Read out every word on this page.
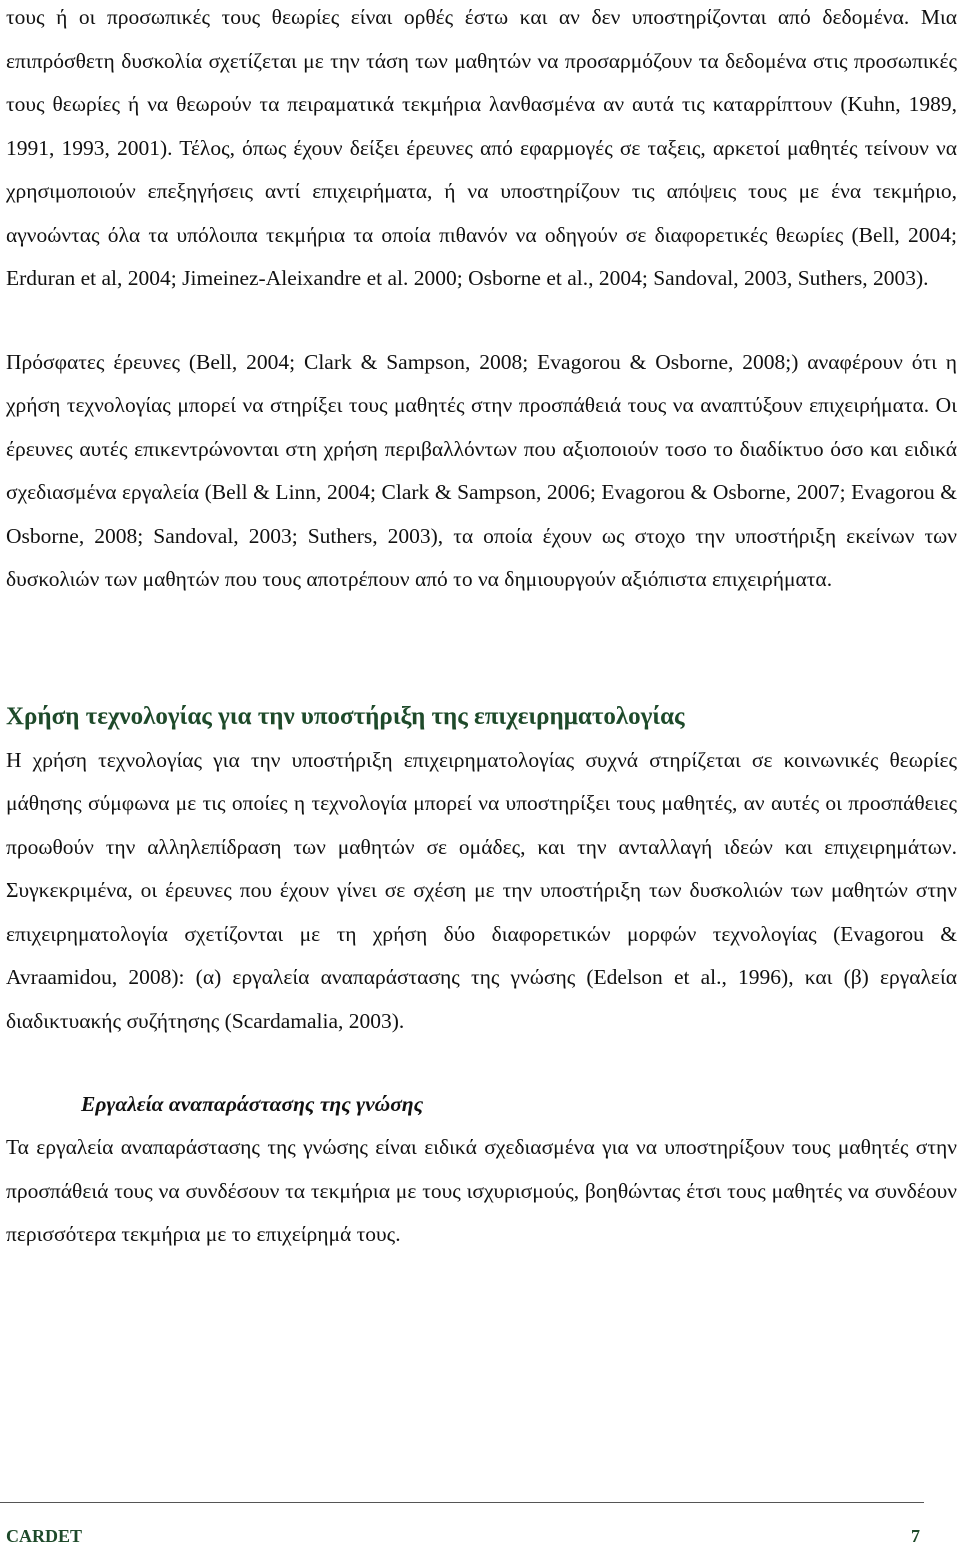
τους ή οι προσωπικές τους θεωρίες είναι ορθές έστω και αν δεν υποστηρίζονται από δεδομένα. Μια επιπρόσθετη δυσκολία σχετίζεται με την τάση των μαθητών να προσαρμόζουν τα δεδομένα στις προσωπικές τους θεωρίες ή να θεωρούν τα πειραματικά τεκμήρια λανθασμένα αν αυτά τις καταρρίπτουν (Kuhn, 1989, 1991, 1993, 2001). Τέλος, όπως έχουν δείξει έρευνες από εφαρμογές σε ταξεις, αρκετοί μαθητές τείνουν να χρησιμοποιούν επεξηγήσεις αντί επιχειρήματα, ή να υποστηρίζουν τις απόψεις τους με ένα τεκμήριο, αγνοώντας όλα τα υπόλοιπα τεκμήρια τα οποία πιθανόν να οδηγούν σε διαφορετικές θεωρίες (Bell, 2004; Erduran et al, 2004; Jimeinez-Aleixandre et al. 2000; Osborne et al., 2004; Sandoval, 2003, Suthers, 2003).

Πρόσφατες έρευνες (Bell, 2004; Clark & Sampson, 2008; Evagorou & Osborne, 2008;) αναφέρουν ότι η χρήση τεχνολογίας μπορεί να στηρίξει τους μαθητές στην προσπάθειά τους να αναπτύξουν επιχειρήματα. Οι έρευνες αυτές επικεντρώνονται στη χρήση περιβαλλόντων που αξιοποιούν τοσο το διαδίκτυο όσο και ειδικά σχεδιασμένα εργαλεία (Bell & Linn, 2004; Clark & Sampson, 2006; Evagorou & Osborne, 2007; Evagorou & Osborne, 2008; Sandoval, 2003; Suthers, 2003), τα οποία έχουν ως στοχο την υποστήριξη εκείνων των δυσκολιών των μαθητών που τους αποτρέπουν από το να δημιουργούν αξιόπιστα επιχειρήματα.

Χρήση τεχνολογίας για την υποστήριξη της επιχειρηματολογίας

Η χρήση τεχνολογίας για την υποστήριξη επιχειρηματολογίας συχνά στηρίζεται σε κοινωνικές θεωρίες μάθησης σύμφωνα με τις οποίες η τεχνολογία μπορεί να υποστηρίξει τους μαθητές, αν αυτές οι προσπάθειες προωθούν την αλληλεπίδραση των μαθητών σε ομάδες, και την ανταλλαγή ιδεών και επιχειρημάτων. Συγκεκριμένα, οι έρευνες που έχουν γίνει σε σχέση με την υποστήριξη των δυσκολιών των μαθητών στην επιχειρηματολογία σχετίζονται με τη χρήση δύο διαφορετικών μορφών τεχνολογίας (Evagorou & Avraamidou, 2008): (α) εργαλεία αναπαράστασης της γνώσης (Edelson et al., 1996), και (β) εργαλεία διαδικτυακής συζήτησης (Scardamalia, 2003).

Εργαλεία αναπαράστασης της γνώσης

Τα εργαλεία αναπαράστασης της γνώσης είναι ειδικά σχεδιασμένα για να υποστηρίξουν τους μαθητές στην προσπάθειά τους να συνδέσουν τα τεκμήρια με τους ισχυρισμούς, βοηθώντας έτσι τους μαθητές να συνδέουν περισσότερα τεκμήρια με το επιχείρημά τους.

CARDET	7
